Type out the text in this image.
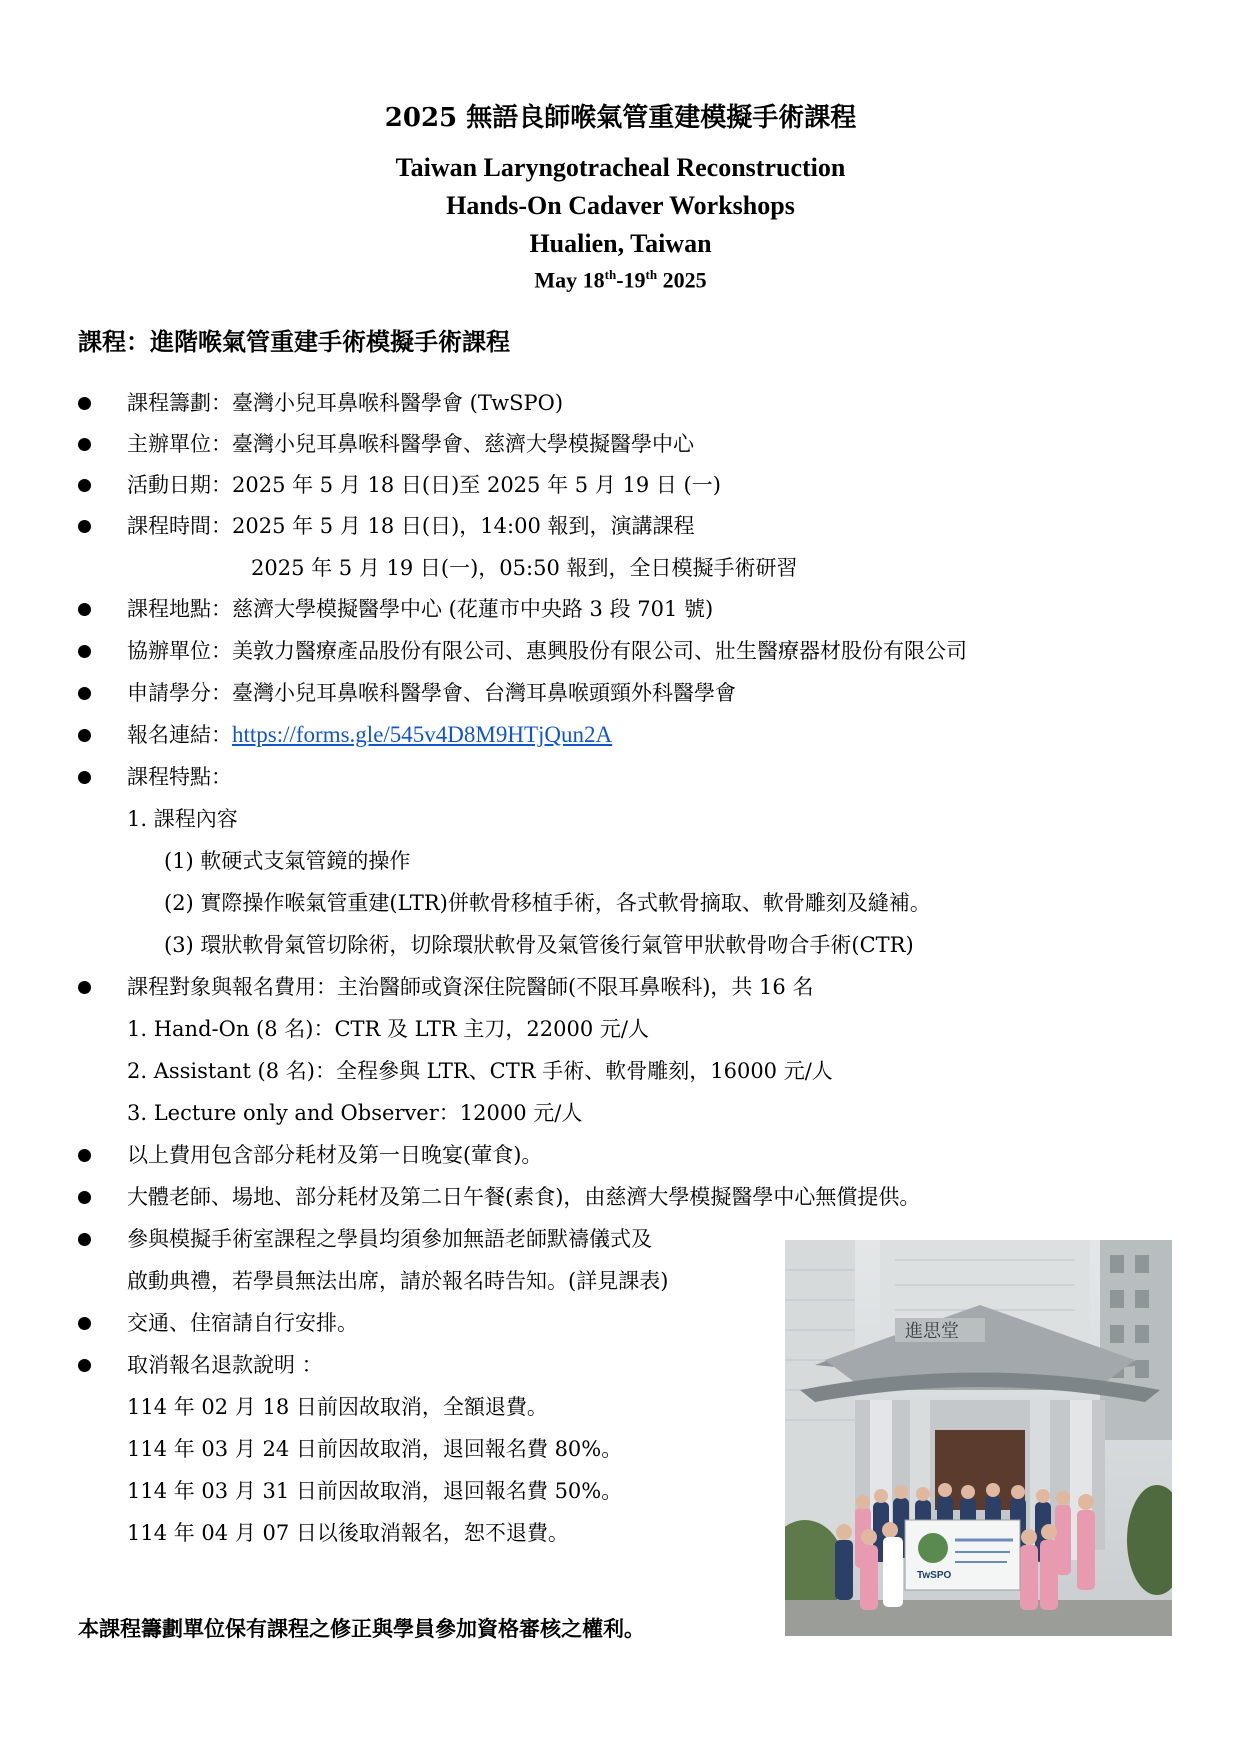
2025 無語良師喉氣管重建模擬手術課程
Taiwan Laryngotracheal Reconstruction
Hands-On Cadaver Workshops
Hualien, Taiwan
May 18th-19th 2025
課程：進階喉氣管重建手術模擬手術課程
課程籌劃：臺灣小兒耳鼻喉科醫學會 (TwSPO)
主辦單位：臺灣小兒耳鼻喉科醫學會、慈濟大學模擬醫學中心
活動日期：2025 年 5 月 18 日(日)至 2025 年 5 月 19 日 (一)
課程時間：2025 年 5 月 18 日(日)，14:00 報到，演講課程
2025 年 5 月 19 日(一)，05:50 報到，全日模擬手術研習
課程地點：慈濟大學模擬醫學中心 (花蓮市中央路 3 段 701 號)
協辦單位：美敦力醫療產品股份有限公司、惠興股份有限公司、壯生醫療器材股份有限公司
申請學分：臺灣小兒耳鼻喉科醫學會、台灣耳鼻喉頭頸外科醫學會
報名連結：https://forms.gle/545v4D8M9HTjQun2A
課程特點：
1. 課程內容
(1) 軟硬式支氣管鏡的操作
(2) 實際操作喉氣管重建(LTR)併軟骨移植手術，各式軟骨摘取、軟骨雕刻及縫補。
(3) 環狀軟骨氣管切除術，切除環狀軟骨及氣管後行氣管甲狀軟骨吻合手術(CTR)
課程對象與報名費用：主治醫師或資深住院醫師(不限耳鼻喉科)，共 16 名
1. Hand-On (8 名)：CTR 及 LTR 主刀，22000 元/人
2. Assistant (8 名)：全程參與 LTR、CTR 手術、軟骨雕刻，16000 元/人
3. Lecture only and Observer：12000 元/人
以上費用包含部分耗材及第一日晚宴(葷食)。
大體老師、場地、部分耗材及第二日午餐(素食)，由慈濟大學模擬醫學中心無償提供。
參與模擬手術室課程之學員均須參加無語老師默禱儀式及
啟動典禮，若學員無法出席，請於報名時告知。(詳見課表)
交通、住宿請自行安排。
取消報名退款說明 ：
114 年 02 月 18 日前因故取消，全額退費。
114 年 03 月 24 日前因故取消，退回報名費 80%。
114 年 03 月 31 日前因故取消，退回報名費 50%。
114 年 04 月 07 日以後取消報名，恕不退費。
進思堂
TwSPO
本課程籌劃單位保有課程之修正與學員參加資格審核之權利。
